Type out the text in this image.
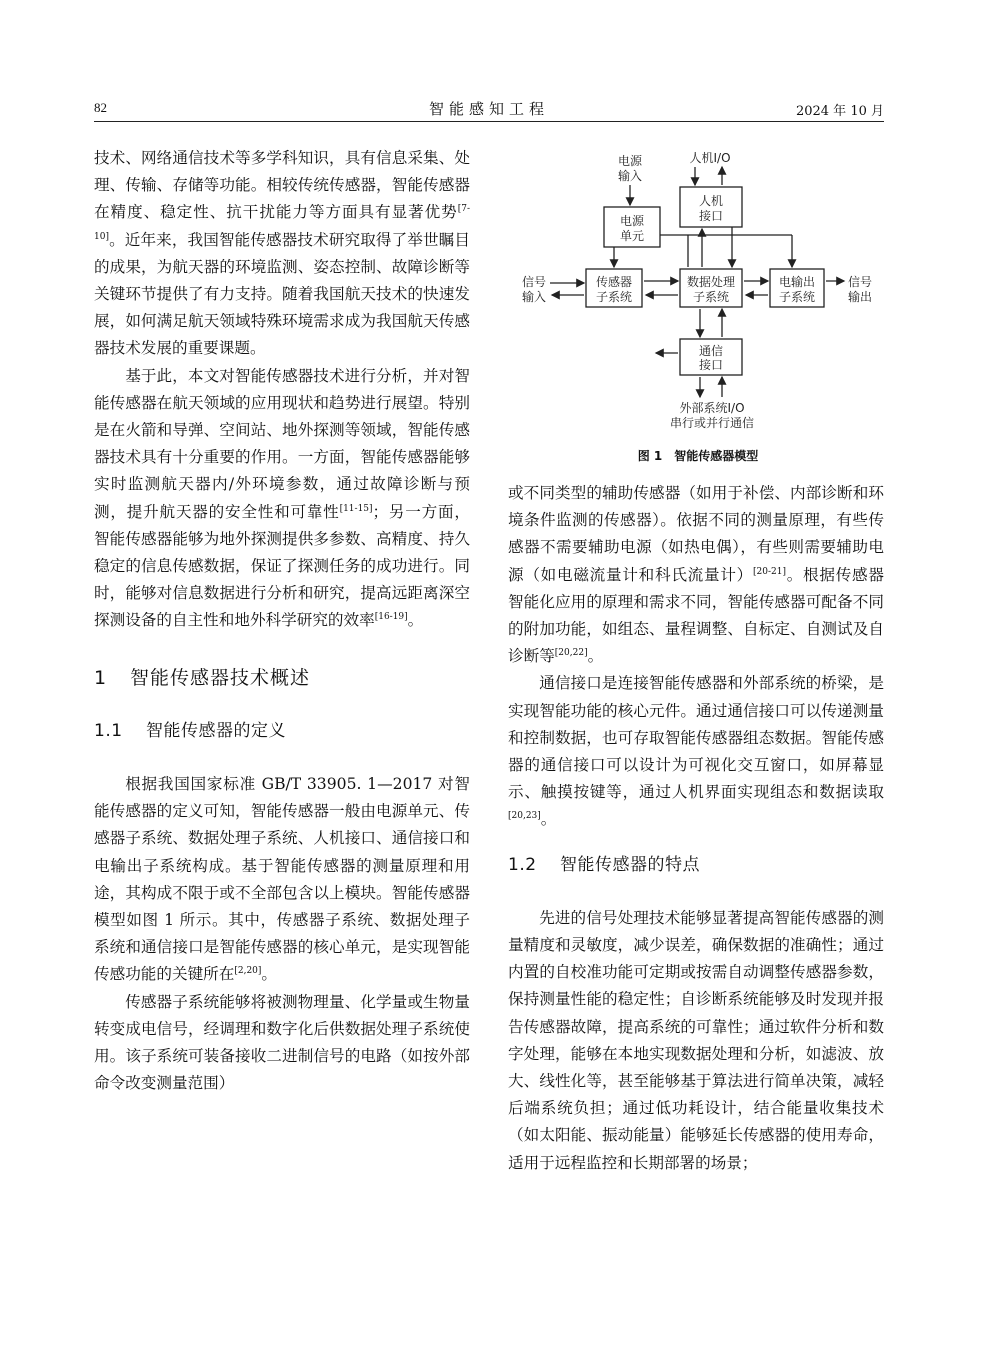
82	智能感知工程	2024 年 10 月

技术、网络通信技术等多学科知识，具有信息采集、处理、传输、存储等功能。相较传统传感器，智能传感器在精度、稳定性、抗干扰能力等方面具有显著优势[7-10]。近年来，我国智能传感器技术研究取得了举世瞩目的成果，为航天器的环境监测、姿态控制、故障诊断等关键环节提供了有力支持。随着我国航天技术的快速发展，如何满足航天领域特殊环境需求成为我国航天传感器技术发展的重要课题。

基于此，本文对智能传感器技术进行分析，并对智能传感器在航天领域的应用现状和趋势进行展望。特别是在火箭和导弹、空间站、地外探测等领域，智能传感器技术具有十分重要的作用。一方面，智能传感器能够实时监测航天器内/外环境参数，通过故障诊断与预测，提升航天器的安全性和可靠性[11-15]；另一方面，智能传感器能够为地外探测提供多参数、高精度、持久稳定的信息传感数据，保证了探测任务的成功进行。同时，能够对信息数据进行分析和研究，提高远距离深空探测设备的自主性和地外科学研究的效率[16-19]。

1 智能传感器技术概述
1.1 智能传感器的定义

根据我国国家标准 GB/T 33905. 1—2017 对智能传感器的定义可知，智能传感器一般由电源单元、传感器子系统、数据处理子系统、人机接口、通信接口和电输出子系统构成。基于智能传感器的测量原理和用途，其构成不限于或不全部包含以上模块。智能传感器模型如图 1 所示。其中，传感器子系统、数据处理子系统和通信接口是智能传感器的核心单元，是实现智能传感功能的关键所在[2,20]。

传感器子系统能够将被测物理量、化学量或生物量转变成电信号，经调理和数字化后供数据处理子系统使用。该子系统可装备接收二进制信号的电路（如按外部命令改变测量范围）

电源
输入
人机I/O
人机
接口
电源
单元
信号
输入
传感器
子系统
数据处理
子系统
电输出
子系统
信号
输出
通信
接口
外部系统I/O
串行或并行通信
图 1　智能传感器模型

或不同类型的辅助传感器（如用于补偿、内部诊断和环境条件监测的传感器）。依据不同的测量原理，有些传感器不需要辅助电源（如热电偶），有些则需要辅助电源（如电磁流量计和科氏流量计）[20-21]。根据传感器智能化应用的原理和需求不同，智能传感器可配备不同的附加功能，如组态、量程调整、自标定、自测试及自诊断等[20,22]。

通信接口是连接智能传感器和外部系统的桥梁，是实现智能功能的核心元件。通过通信接口可以传递测量和控制数据，也可存取智能传感器组态数据。智能传感器的通信接口可以设计为可视化交互窗口，如屏幕显示、触摸按键等，通过人机界面实现组态和数据读取[20,23]。

1.2 智能传感器的特点

先进的信号处理技术能够显著提高智能传感器的测量精度和灵敏度，减少误差，确保数据的准确性；通过内置的自校准功能可定期或按需自动调整传感器参数，保持测量性能的稳定性；自诊断系统能够及时发现并报告传感器故障，提高系统的可靠性；通过软件分析和数字处理，能够在本地实现数据处理和分析，如滤波、放大、线性化等，甚至能够基于算法进行简单决策，减轻后端系统负担；通过低功耗设计，结合能量收集技术（如太阳能、振动能量）能够延长传感器的使用寿命，适用于远程监控和长期部署的场景；
